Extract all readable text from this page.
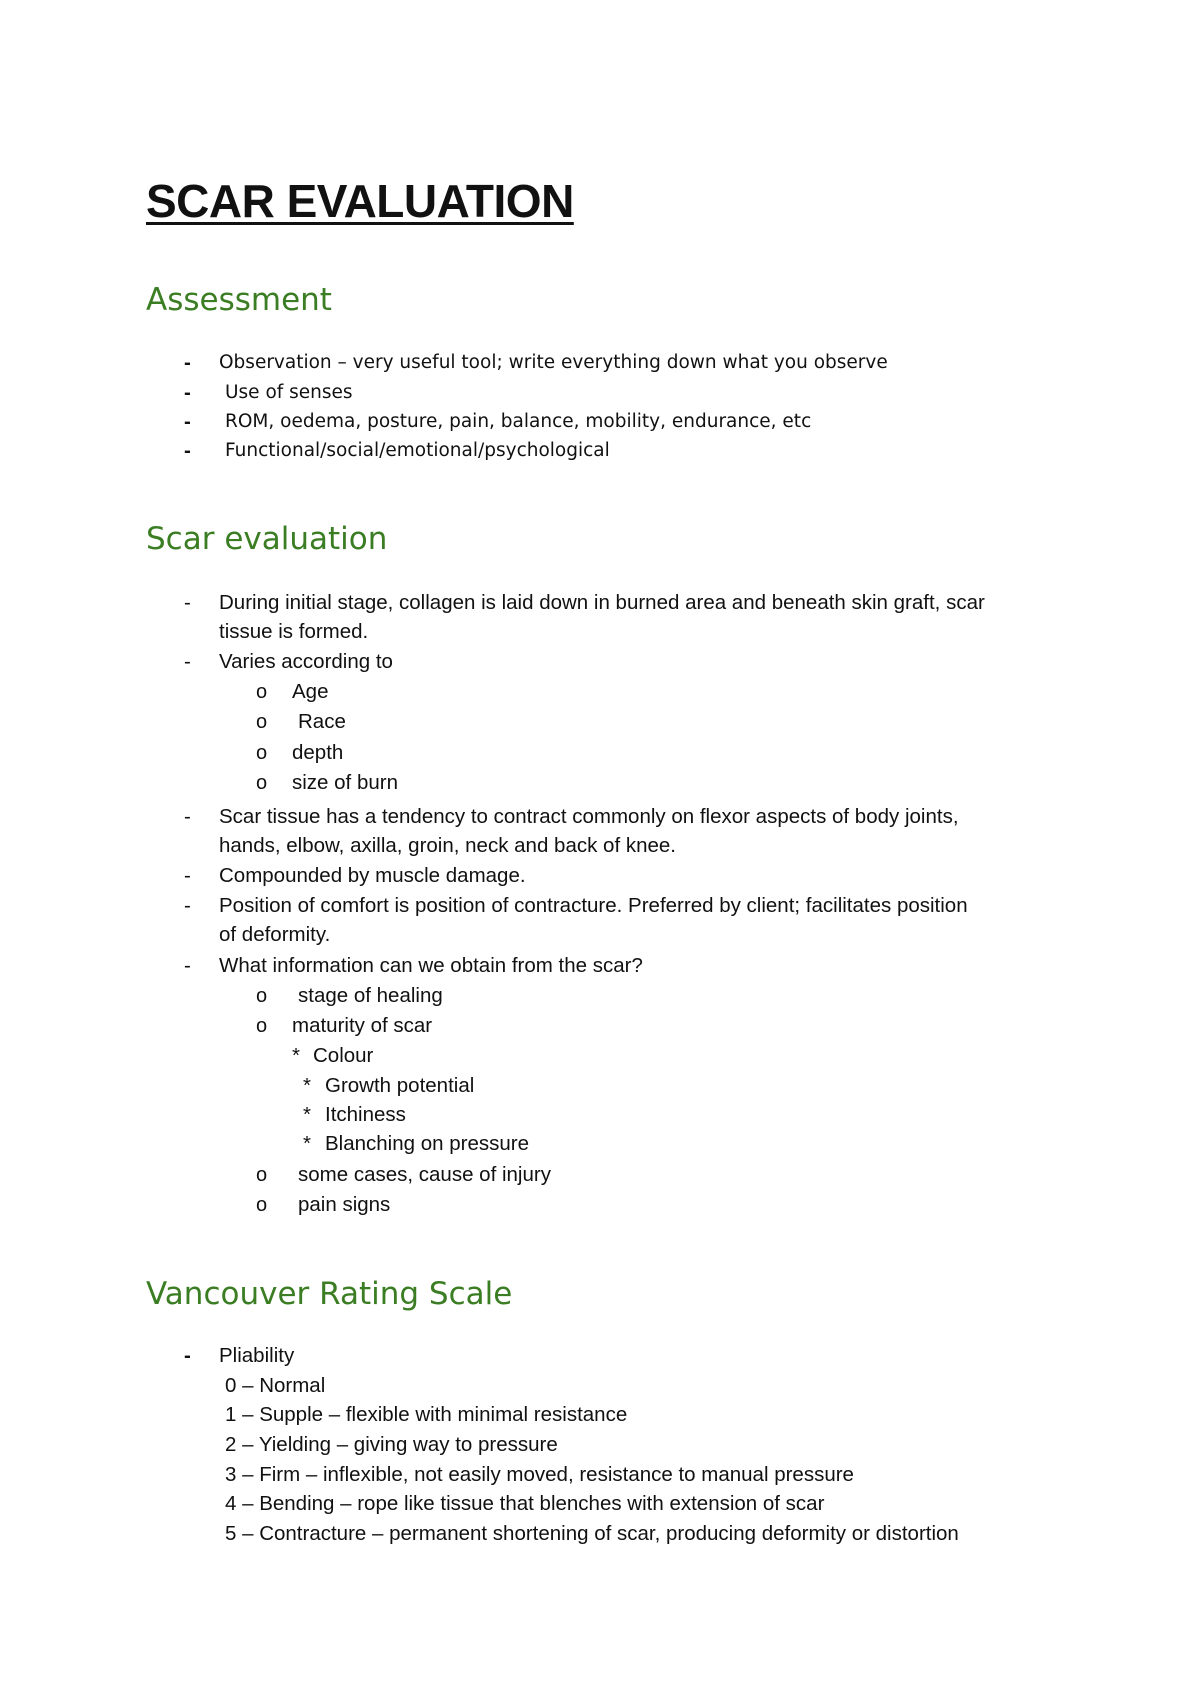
SCAR EVALUATION
Assessment
- Observation – very useful tool; write everything down what you observe

- Use of senses

- ROM, oedema, posture, pain, balance, mobility, endurance, etc

- Functional/social/emotional/psychological

Scar evaluation
- During initial stage, collagen is laid down in burned area and beneath skin graft, scar

tissue is formed.

- Varies according to

o Age

o Race

o depth

o size of burn

- Scar tissue has a tendency to contract commonly on flexor aspects of body joints,

hands, elbow, axilla, groin, neck and back of knee.

- Compounded by muscle damage.

- Position of comfort is position of contracture. Preferred by client; facilitates position

of deformity.

- What information can we obtain from the scar?

o stage of healing

o maturity of scar

* Colour

* Growth potential

* Itchiness

* Blanching on pressure

o some cases, cause of injury

o pain signs

Vancouver Rating Scale
- Pliability

0 – Normal

1 – Supple – flexible with minimal resistance

2 – Yielding – giving way to pressure

3 – Firm – inflexible, not easily moved, resistance to manual pressure

4 – Bending – rope like tissue that blenches with extension of scar

5 – Contracture – permanent shortening of scar, producing deformity or distortion
